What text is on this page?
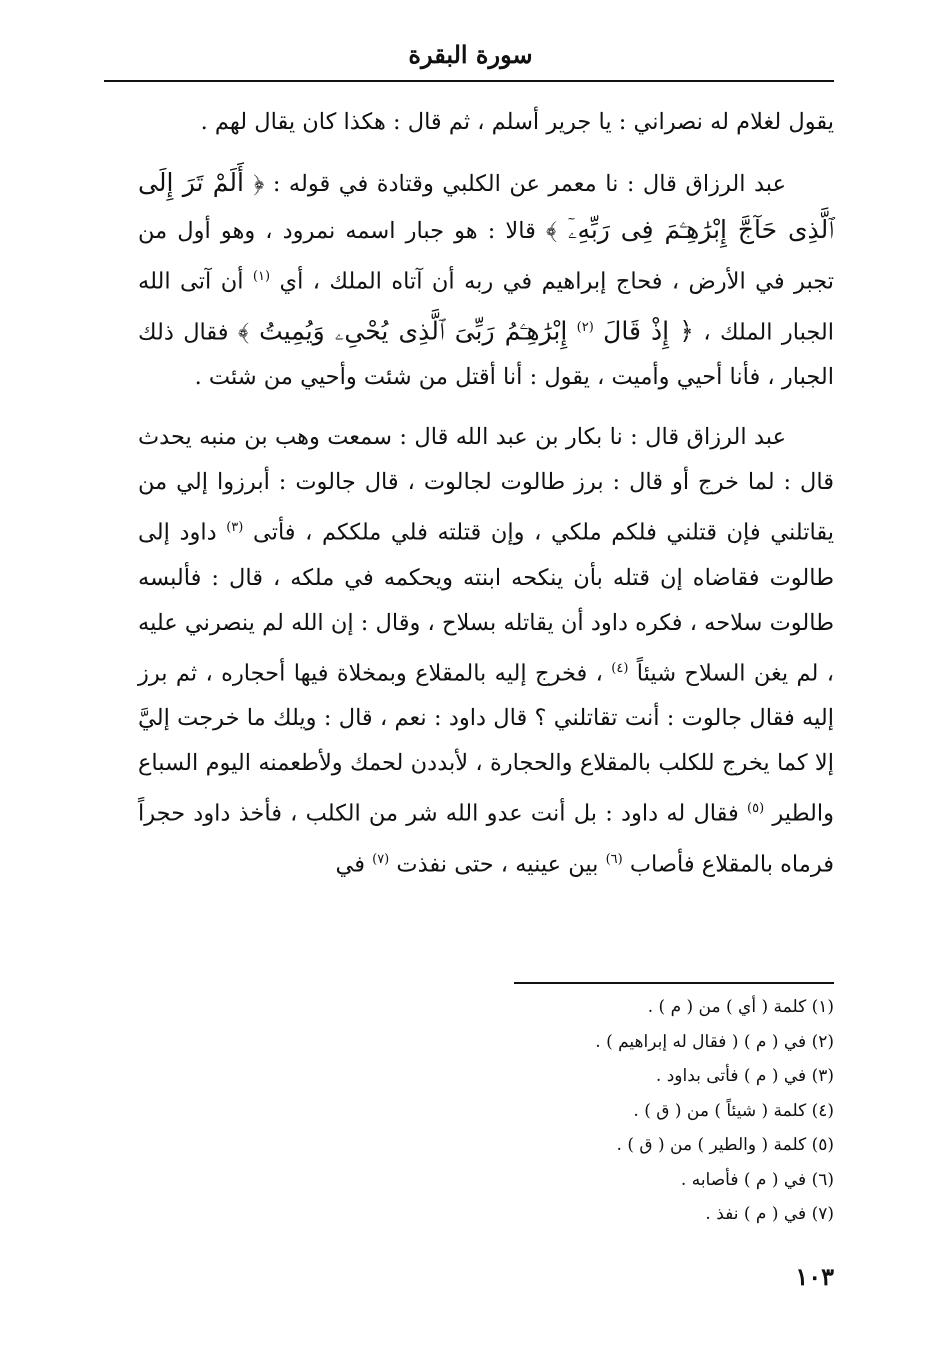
سورة البقرة

يقول لغلام له نصراني : يا جرير أسلم ، ثم قال : هكذا كان يقال لهم .

عبد الرزاق قال : نا معمر عن الكلبي وقتادة في قوله : ﴿ أَلَمْ تَرَ إِلَى ٱلَّذِى حَآجَّ إِبْرَٰهِـۧمَ فِى رَبِّهِۦٓ ﴾ قالا : هو جبار اسمه نمرود ، وهو أول من تجبر في الأرض ، فحاج إبراهيم في ربه أن آتاه الملك ، أي $^{(١)}$ أن آتى الله الجبار الملك ، ﴿ إِذْ قَالَ $^{(٢)}$ إِبْرَٰهِـۧمُ رَبِّىَ ٱلَّذِى يُحْىِۦ وَيُمِيتُ ﴾ فقال ذلك الجبار ، فأنا أحيي وأميت ، يقول : أنا أقتل من شئت وأحيي من شئت .

عبد الرزاق قال : نا بكار بن عبد الله قال : سمعت وهب بن منبه يحدث قال : لما خرج أو قال : برز طالوت لجالوت ، قال جالوت : أبرزوا إلي من يقاتلني فإن قتلني فلكم ملكي ، وإن قتلته فلي ملككم ، فأتى $^{(٣)}$ داود إلى طالوت فقاضاه إن قتله بأن ينكحه ابنته ويحكمه في ملكه ، قال : فألبسه طالوت سلاحه ، فكره داود أن يقاتله بسلاح ، وقال : إن الله لم ينصرني عليه ، لم يغن السلاح شيئاً $^{(٤)}$ ، فخرج إليه بالمقلاع وبمخلاة فيها أحجاره ، ثم برز إليه فقال جالوت : أنت تقاتلني ؟ قال داود : نعم ، قال : ويلك ما خرجت إليَّ إلا كما يخرج للكلب بالمقلاع والحجارة ، لأبددن لحمك ولأطعمنه اليوم السباع والطير $^{(٥)}$ فقال له داود : بل أنت عدو الله شر من الكلب ، فأخذ داود حجراً فرماه بالمقلاع فأصاب $^{(٦)}$ بين عينيه ، حتى نفذت $^{(٧)}$ في

(١) كلمة ( أي ) من ( م ) .
(٢) في ( م ) ( فقال له إبراهيم ) .
(٣) في ( م ) فأتى بداود .
(٤) كلمة ( شيئاً ) من ( ق ) .
(٥) كلمة ( والطير ) من ( ق ) .
(٦) في ( م ) فأصابه .
(٧) في ( م ) نفذ .
١٠٣
